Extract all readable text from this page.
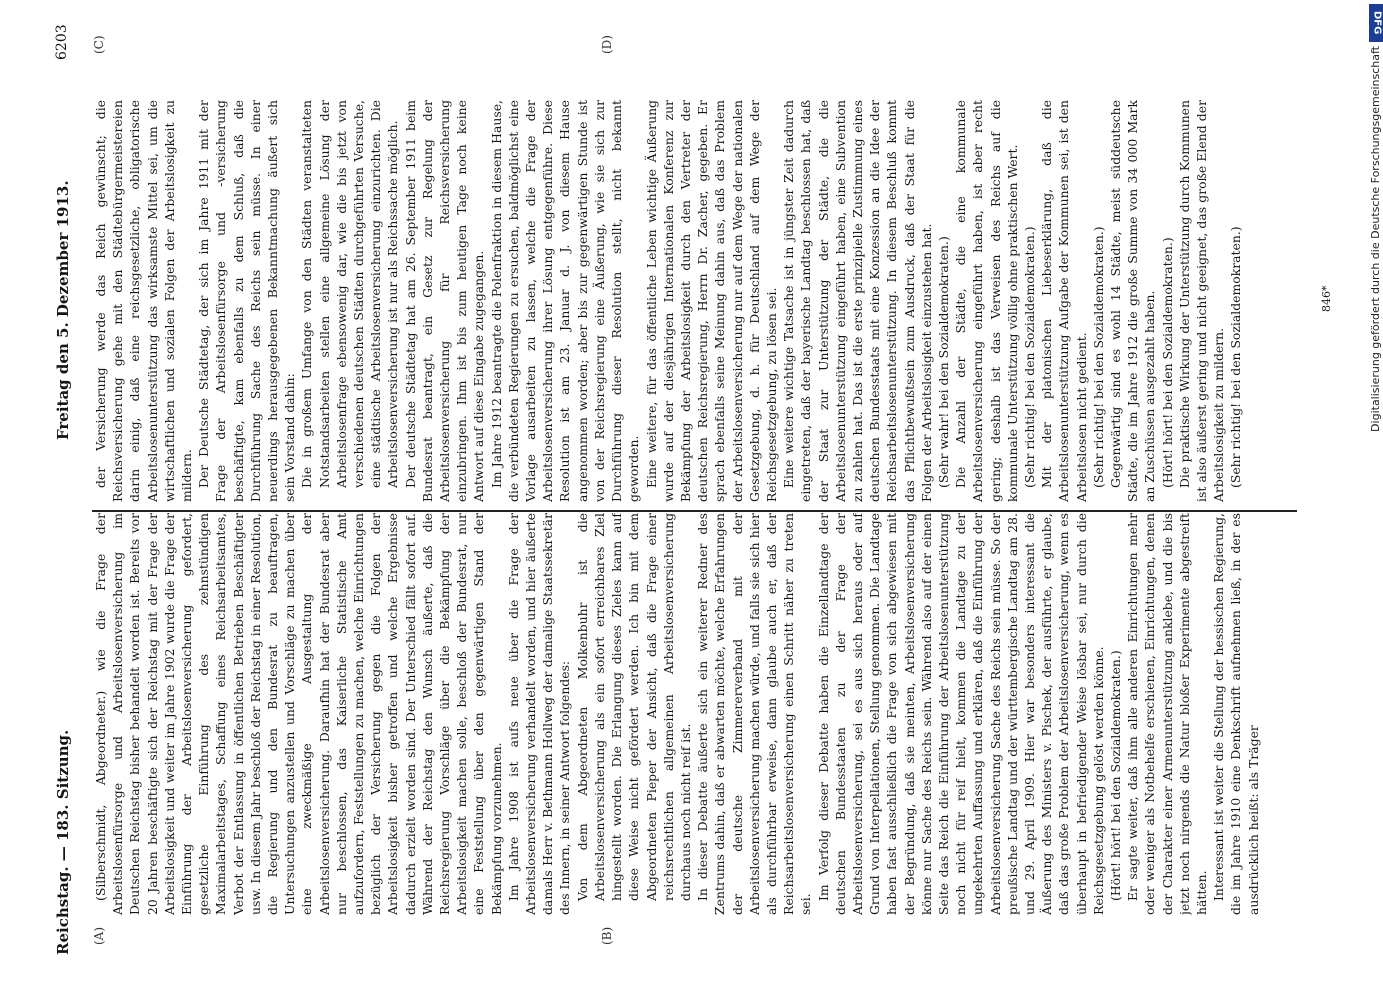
Reichstag. — 183. Sitzung.
Freitag den 5. Dezember 1913.
6203
(A)	(B)
(C)	(D)

(Silberschmidt, Abgeordneter.) wie die Frage der Arbeitslosenfürsorge und Arbeitslosenversicherung im Deutschen Reichstag bisher behandelt worden ist. Bereits vor 20 Jahren beschäftigte sich der Reichstag mit der Frage der Arbeitslosigkeit und weiter im Jahre 1902 wurde die Frage der Einführung der Arbeitslosenversicherung gefordert, gesetzliche Einführung des zehnstündigen Maximalarbeitstages, Schaffung eines Reichsarbeitsamtes, Verbot der Entlassung in öffentlichen Betrieben Beschäftigter usw. In diesem Jahr beschloß der Reichstag in einer Resolution, die Regierung und den Bundesrat zu beauftragen, Untersuchungen anzustellen und Vorschläge zu machen über eine zweckmäßige Ausgestaltung der Arbeitslosenversicherung. Daraufhin hat der Bundesrat aber nur beschlossen, das Kaiserliche Statistische Amt aufzufordern, Feststellungen zu machen, welche Einrichtungen bezüglich der Versicherung gegen die Folgen der Arbeitslosigkeit bisher getroffen und welche Ergebnisse dadurch erzielt worden sind. Der Unterschied fällt sofort auf. Während der Reichstag den Wunsch äußerte, daß die Reichsregierung Vorschläge über die Bekämpfung der Arbeitslosigkeit machen solle, beschloß der Bundesrat, nur eine Feststellung über den gegenwärtigen Stand der Bekämpfung vorzunehmen. Im Jahre 1908 ist aufs neue über die Frage der Arbeitslosenversicherung verhandelt worden, und hier äußerte damals Herr v. Bethmann Hollweg der damalige Staatssekretär des Innern, in seiner Antwort folgendes: Von dem Abgeordneten Molkenbuhr ist die Arbeitslosenversicherung als ein sofort erreichbares Ziel hingestellt worden. Die Erlangung dieses Zieles kann auf diese Weise nicht gefördert werden. Ich bin mit dem Abgeordneten Pieper der Ansicht, daß die Frage einer reichsrechtlichen allgemeinen Arbeitslosenversicherung durchaus noch nicht reif ist. In dieser Debatte äußerte sich ein weiterer Redner des Zentrums dahin, daß er abwarten möchte, welche Erfahrungen der deutsche Zimmererverband mit der Arbeitslosenversicherung machen würde, und falls sie sich hier als durchführbar erweise, dann glaube auch er, daß der Reichsarbeitslosenversicherung einen Schritt näher zu treten sei.

Im Verfolg dieser Debatte haben die Einzellandtage der deutschen Bundesstaaten zu der Frage der Arbeitslosenversicherung, sei es aus sich heraus oder auf Grund von Interpellationen, Stellung genommen. Die Landtage haben fast ausschließlich die Frage von sich abgewiesen mit der Begründung, daß sie meinten, Arbeitslosenversicherung könne nur Sache des Reichs sein. Während also auf der einen Seite das Reich die Einführung der Arbeitslosenunterstützung noch nicht für reif hielt, kommen die Landtage zu der ungekehrten Auffassung und erklären, daß die Einführung der Arbeitslosenversicherung Sache des Reichs sein müsse. So der preußische Landtag und der württembergische Landtag am 28. und 29. April 1909. Hier war besonders interessant die Äußerung des Ministers v. Pischek, der ausführte, er glaube, daß das große Problem der Arbeitslosenversicherung, wenn es überhaupt in befriedigender Weise lösbar sei, nur durch die Reichsgesetzgebung gelöst werden könne. (Hört! hört! bei den Sozialdemokraten.) Er sagte weiter, daß ihm alle anderen Einrichtungen mehr oder weniger als Notbehelfe erschienen, Einrichtungen, denen der Charakter einer Armenunterstützung anklebe, und die bis jetzt noch nirgends die Natur bloßer Experimente abgestreift hätten. Interessant ist weiter die Stellung der hessischen Regierung, die im Jahre 1910 eine Denkschrift aufnehmen ließ, in der es ausdrücklich heißt: als Träger

der Versicherung werde das Reich gewünscht; die Reichsversicherung gehe mit den Städtebürgermeistereien darin einig, daß eine reichsgesetzliche, obligatorische Arbeitslosenunterstützung das wirksamste Mittel sei, um die wirtschaftlichen und sozialen Folgen der Arbeitslosigkeit zu mildern. Der Deutsche Städtetag, der sich im Jahre 1911 mit der Frage der Arbeitslosenfürsorge und -versicherung beschäftigte, kam ebenfalls zu dem Schluß, daß die Durchführung Sache des Reichs sein müsse. In einer neuerdings herausgegebenen Bekanntmachung äußert sich sein Vorstand dahin: Die in großem Umfange von den Städten veranstalteten Notstandsarbeiten stellen eine allgemeine Lösung der Arbeitslosenfrage ebensowenig dar, wie die bis jetzt von verschiedenen deutschen Städten durchgeführten Versuche, eine städtische Arbeitslosenversicherung einzurichten. Die Arbeitslosenversicherung ist nur als Reichssache möglich. Der deutsche Städtetag hat am 26. September 1911 beim Bundesrat beantragt, ein Gesetz zur Regelung der Arbeitslosenversicherung für Reichsversicherung einzubringen. Ihm ist bis zum heutigen Tage noch keine Antwort auf diese Eingabe zugegangen. Im Jahre 1912 beantragte die Polenfraktion in diesem Hause, die verbündeten Regierungen zu ersuchen, baldmöglichst eine Vorlage ausarbeiten zu lassen, welche die Frage der Arbeitslosenversicherung ihrer Lösung entgegenführe. Diese Resolution ist am 23. Januar d. J. von diesem Hause angenommen worden; aber bis zur gegenwärtigen Stunde ist von der Reichsregierung eine Äußerung, wie sie sich zur Durchführung dieser Resolution stellt, nicht bekannt geworden. Eine weitere, für das öffentliche Leben wichtige Äußerung wurde auf der diesjährigen Internationalen Konferenz zur Bekämpfung der Arbeitslosigkeit durch den Vertreter der deutschen Reichsregierung, Herrn Dr. Zacher, gegeben. Er sprach ebenfalls seine Meinung dahin aus, daß das Problem der Arbeitslosenversicherung nur auf dem Wege der nationalen Gesetzgebung, d. h. für Deutschland auf dem Wege der Reichsgesetzgebung, zu lösen sei. Eine weitere wichtige Tatsache ist in jüngster Zeit dadurch eingetreten, daß der bayerische Landtag beschlossen hat, daß der Staat zur Unterstützung der Städte, die die Arbeitslosenunterstützung eingeführt haben, eine Subvention zu zahlen hat. Das ist die erste prinzipielle Zustimmung eines deutschen Bundesstaats mit eine Konzession an die Idee der Reichsarbeitslosenunterstützung. In diesem Beschluß kommt das Pflichtbewußtsein zum Ausdruck, daß der Staat für die Folgen der Arbeitslosigkeit einzustehen hat. (Sehr wahr! bei den Sozialdemokraten.) Die Anzahl der Städte, die eine kommunale Arbeitslosenversicherung eingeführt haben, ist aber recht gering; deshalb ist das Verweisen des Reichs auf die kommunale Unterstützung völlig ohne praktischen Wert. (Sehr richtig! bei den Sozialdemokraten.) Mit der platonischen Liebeserklärung, daß die Arbeitslosenunterstützung Aufgabe der Kommunen sei, ist den Arbeitslosen nicht gedient. (Sehr richtig! bei den Sozialdemokraten.) Gegenwärtig sind es wohl 14 Städte, meist süddeutsche Städte, die im Jahre 1912 die große Summe von 34 000 Mark an Zuschüssen ausgezahlt haben. (Hört! hört! bei den Sozialdemokraten.) Die praktische Wirkung der Unterstützung durch Kommunen ist also äußerst gering und nicht geeignet, das große Elend der Arbeitslosigkeit zu mildern. (Sehr richtig! bei den Sozialdemokraten.)	846*	Digitalisierung gefördert durch die Deutsche Forschungsgemeinschaft
DFG
